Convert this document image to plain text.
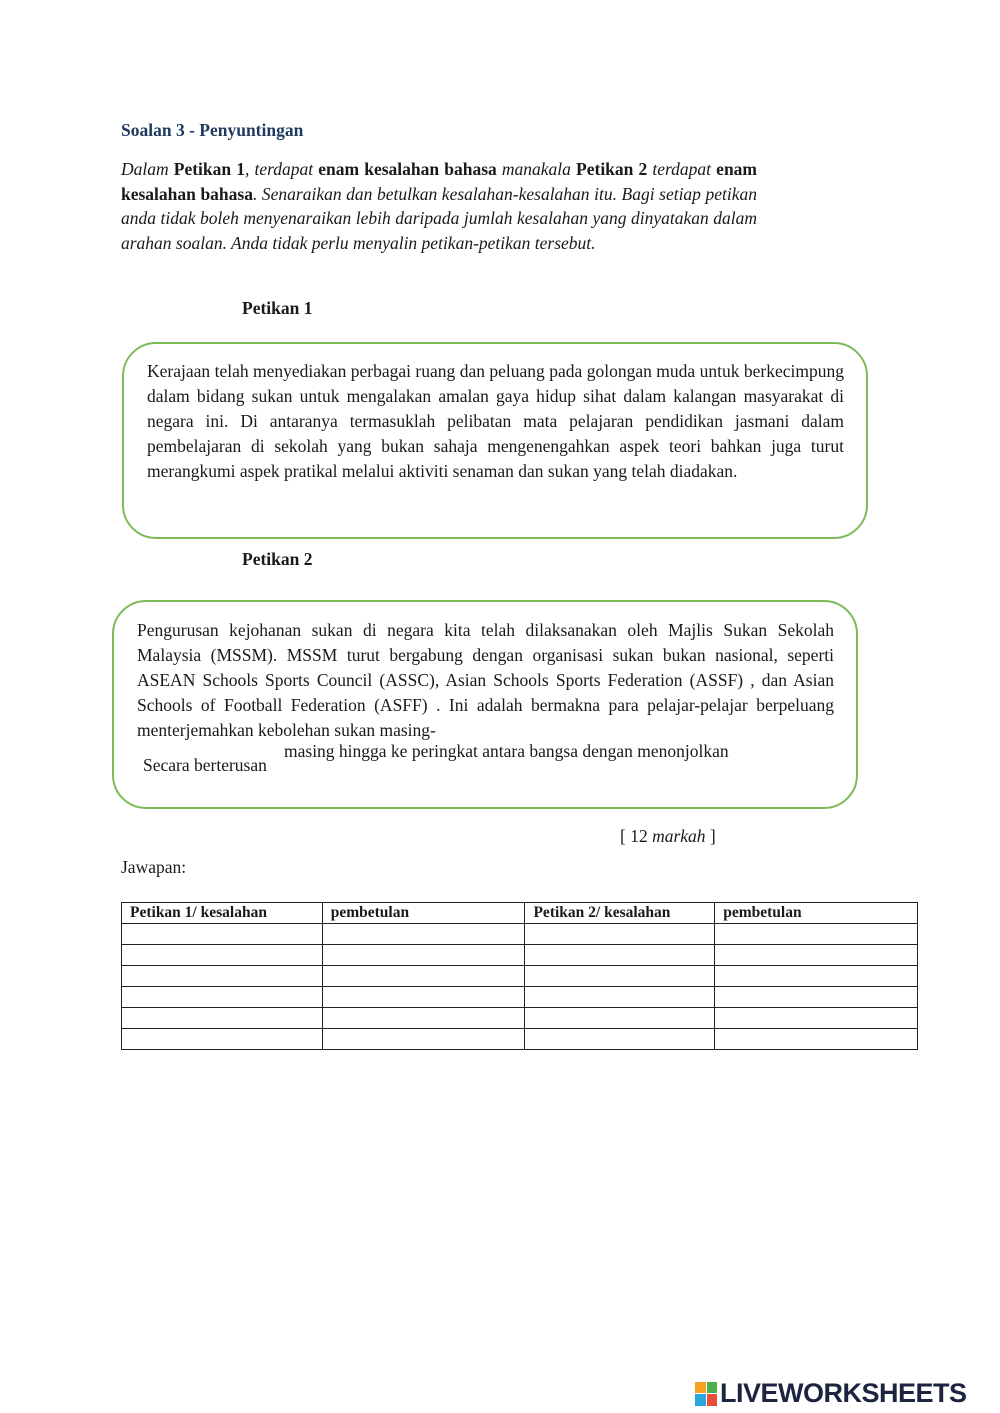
Soalan 3 - Penyuntingan
Dalam Petikan 1, terdapat enam kesalahan bahasa manakala Petikan 2 terdapat enam kesalahan bahasa. Senaraikan dan betulkan kesalahan-kesalahan itu. Bagi setiap petikan anda tidak boleh menyenaraikan lebih daripada jumlah kesalahan yang dinyatakan dalam arahan soalan. Anda tidak perlu menyalin petikan-petikan tersebut.
Petikan 1
Kerajaan telah menyediakan perbagai ruang dan peluang pada golongan muda untuk berkecimpung dalam bidang sukan untuk mengalakan amalan gaya hidup sihat dalam kalangan masyarakat di negara ini. Di antaranya termasuklah pelibatan mata pelajaran pendidikan jasmani dalam pembelajaran di sekolah yang bukan sahaja mengenengahkan aspek teori bahkan juga turut merangkumi aspek pratikal melalui aktiviti senaman dan sukan yang telah diadakan.
Petikan 2
Pengurusan kejohanan sukan di negara kita telah dilaksanakan oleh Majlis Sukan Sekolah Malaysia (MSSM). MSSM turut bergabung dengan organisasi sukan bukan nasional, seperti ASEAN Schools Sports Council (ASSC), Asian Schools Sports Federation (ASSF) , dan Asian Schools of Football Federation (ASFF) . Ini adalah bermakna para pelajar-pelajar berpeluang menterjemahkan kebolehan sukan masing-
masing hingga ke peringkat antara bangsa dengan menonjolkan
Secara berterusan
[ 12 markah ]
Jawapan:
Petikan 1/ kesalahan	pembetulan	Petikan 2/ kesalahan	pembetulan

LIVEWORKSHEETS
